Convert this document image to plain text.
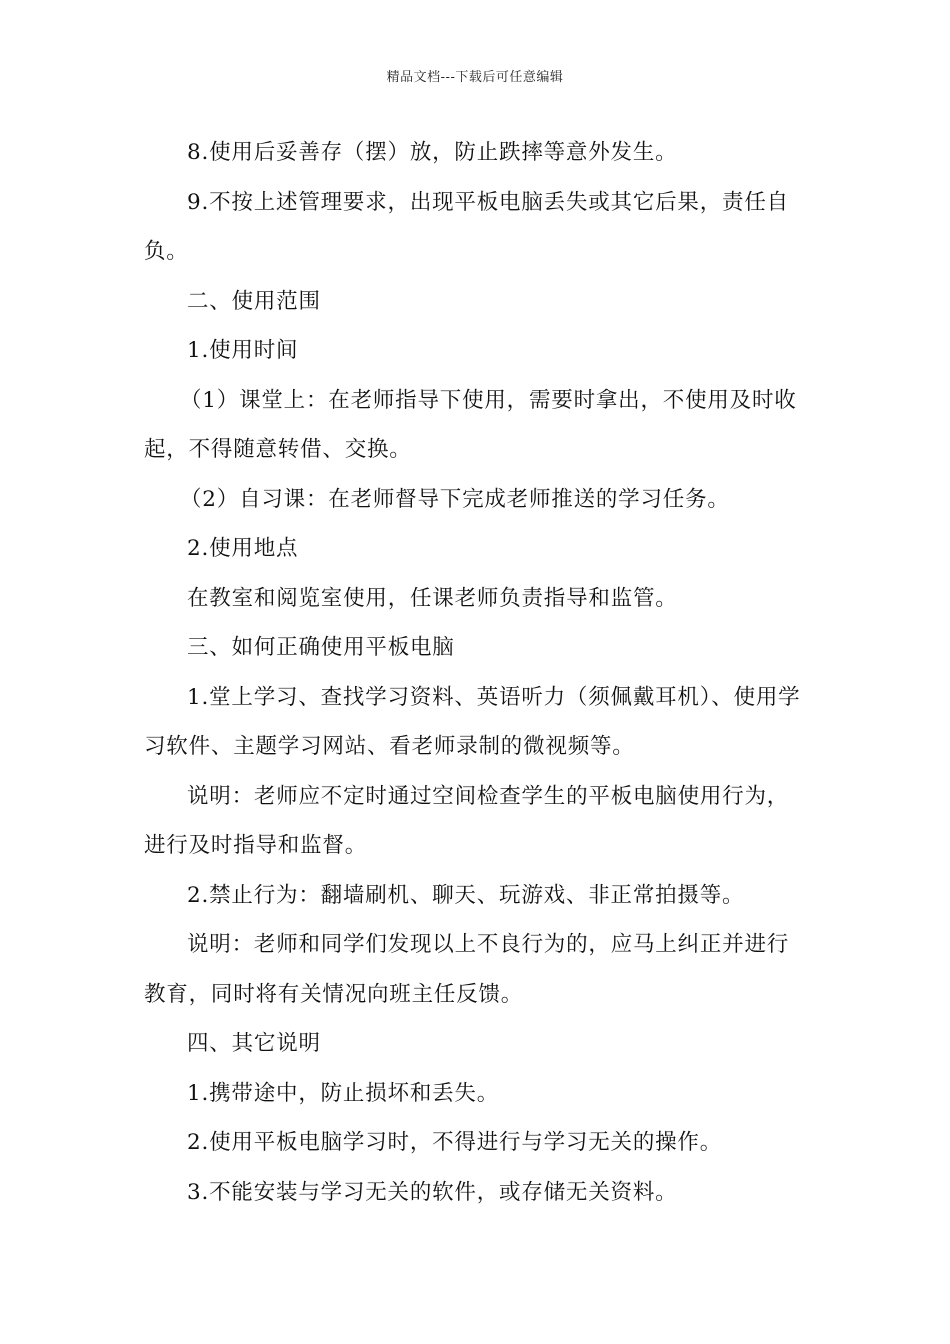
精品文档---下载后可任意编辑

8.使用后妥善存（摆）放，防止跌摔等意外发生。

9.不按上述管理要求，出现平板电脑丢失或其它后果，责任自负。

二、使用范围

1.使用时间

（1）课堂上：在老师指导下使用，需要时拿出，不使用及时收起，不得随意转借、交换。

（2）自习课：在老师督导下完成老师推送的学习任务。

2.使用地点

在教室和阅览室使用，任课老师负责指导和监管。

三、如何正确使用平板电脑

1.堂上学习、查找学习资料、英语听力（须佩戴耳机）、使用学习软件、主题学习网站、看老师录制的微视频等。

说明：老师应不定时通过空间检查学生的平板电脑使用行为，进行及时指导和监督。

2.禁止行为：翻墙刷机、聊天、玩游戏、非正常拍摄等。

说明：老师和同学们发现以上不良行为的，应马上纠正并进行教育，同时将有关情况向班主任反馈。

四、其它说明

1.携带途中，防止损坏和丢失。

2.使用平板电脑学习时，不得进行与学习无关的操作。

3.不能安装与学习无关的软件，或存储无关资料。
